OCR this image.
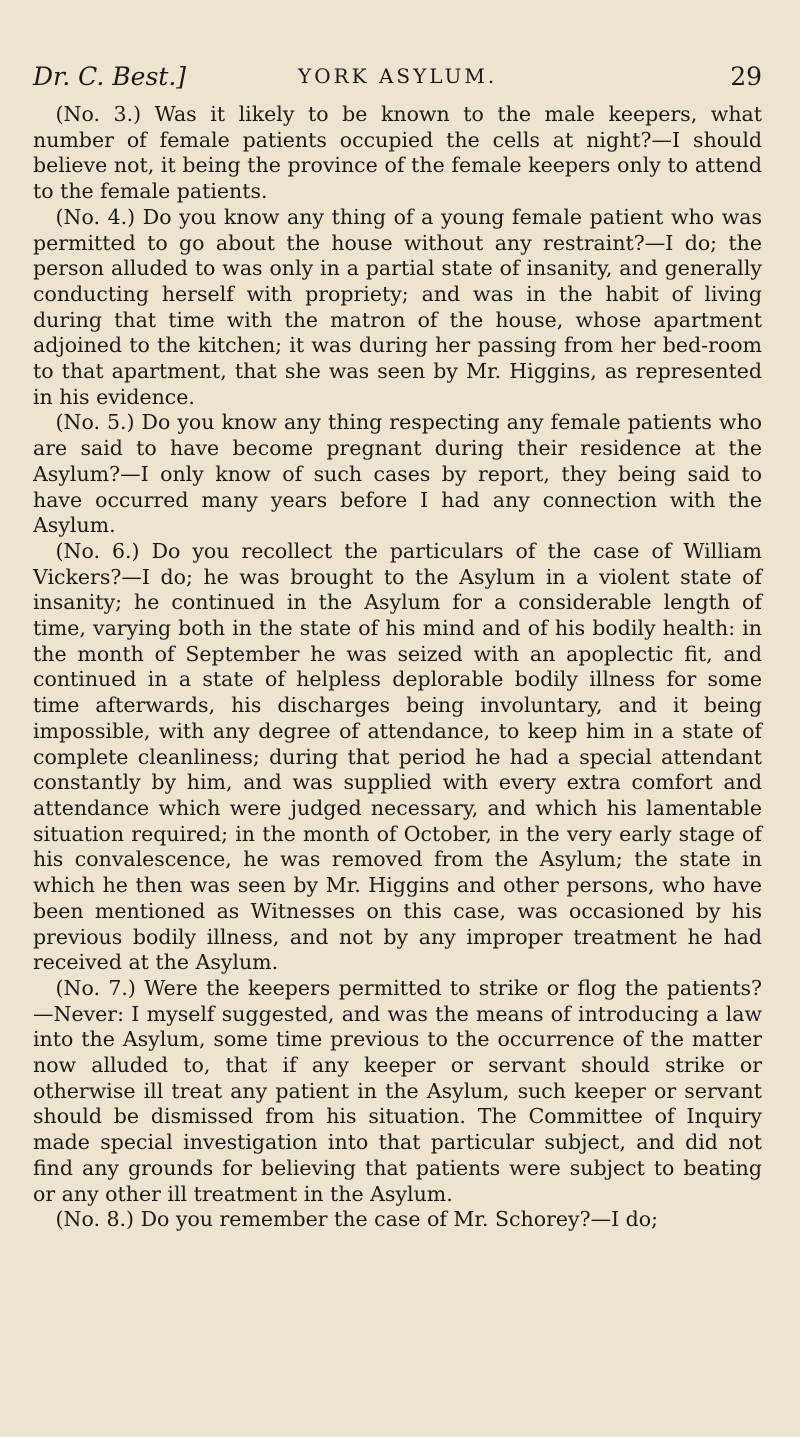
Dr. C. Best.]	YORK ASYLUM.	29

(No. 3.) Was it likely to be known to the male keepers, what number of female patients occupied the cells at night?—I should believe not, it being the province of the female keepers only to attend to the female patients.

(No. 4.) Do you know any thing of a young female patient who was permitted to go about the house without any restraint?—I do; the person alluded to was only in a partial state of insanity, and generally conducting herself with propriety; and was in the habit of living during that time with the matron of the house, whose apartment adjoined to the kitchen; it was during her passing from her bed-room to that apartment, that she was seen by Mr. Higgins, as represented in his evidence.

(No. 5.) Do you know any thing respecting any female patients who are said to have become pregnant during their residence at the Asylum?—I only know of such cases by report, they being said to have occurred many years before I had any connection with the Asylum.

(No. 6.) Do you recollect the particulars of the case of William Vickers?—I do; he was brought to the Asylum in a violent state of insanity; he continued in the Asylum for a considerable length of time, varying both in the state of his mind and of his bodily health: in the month of September he was seized with an apoplectic fit, and continued in a state of helpless deplorable bodily illness for some time afterwards, his discharges being involuntary, and it being impossible, with any degree of attendance, to keep him in a state of complete cleanliness; during that period he had a special attendant constantly by him, and was supplied with every extra comfort and attendance which were judged necessary, and which his lamentable situation required; in the month of October, in the very early stage of his convalescence, he was removed from the Asylum; the state in which he then was seen by Mr. Higgins and other persons, who have been mentioned as Witnesses on this case, was occasioned by his previous bodily illness, and not by any improper treatment he had received at the Asylum.

(No. 7.) Were the keepers permitted to strike or flog the patients?—Never: I myself suggested, and was the means of introducing a law into the Asylum, some time previous to the occurrence of the matter now alluded to, that if any keeper or servant should strike or otherwise ill treat any patient in the Asylum, such keeper or servant should be dismissed from his situation. The Committee of Inquiry made special investigation into that particular subject, and did not find any grounds for believing that patients were subject to beating or any other ill treatment in the Asylum.

(No. 8.) Do you remember the case of Mr. Schorey?—I do;
